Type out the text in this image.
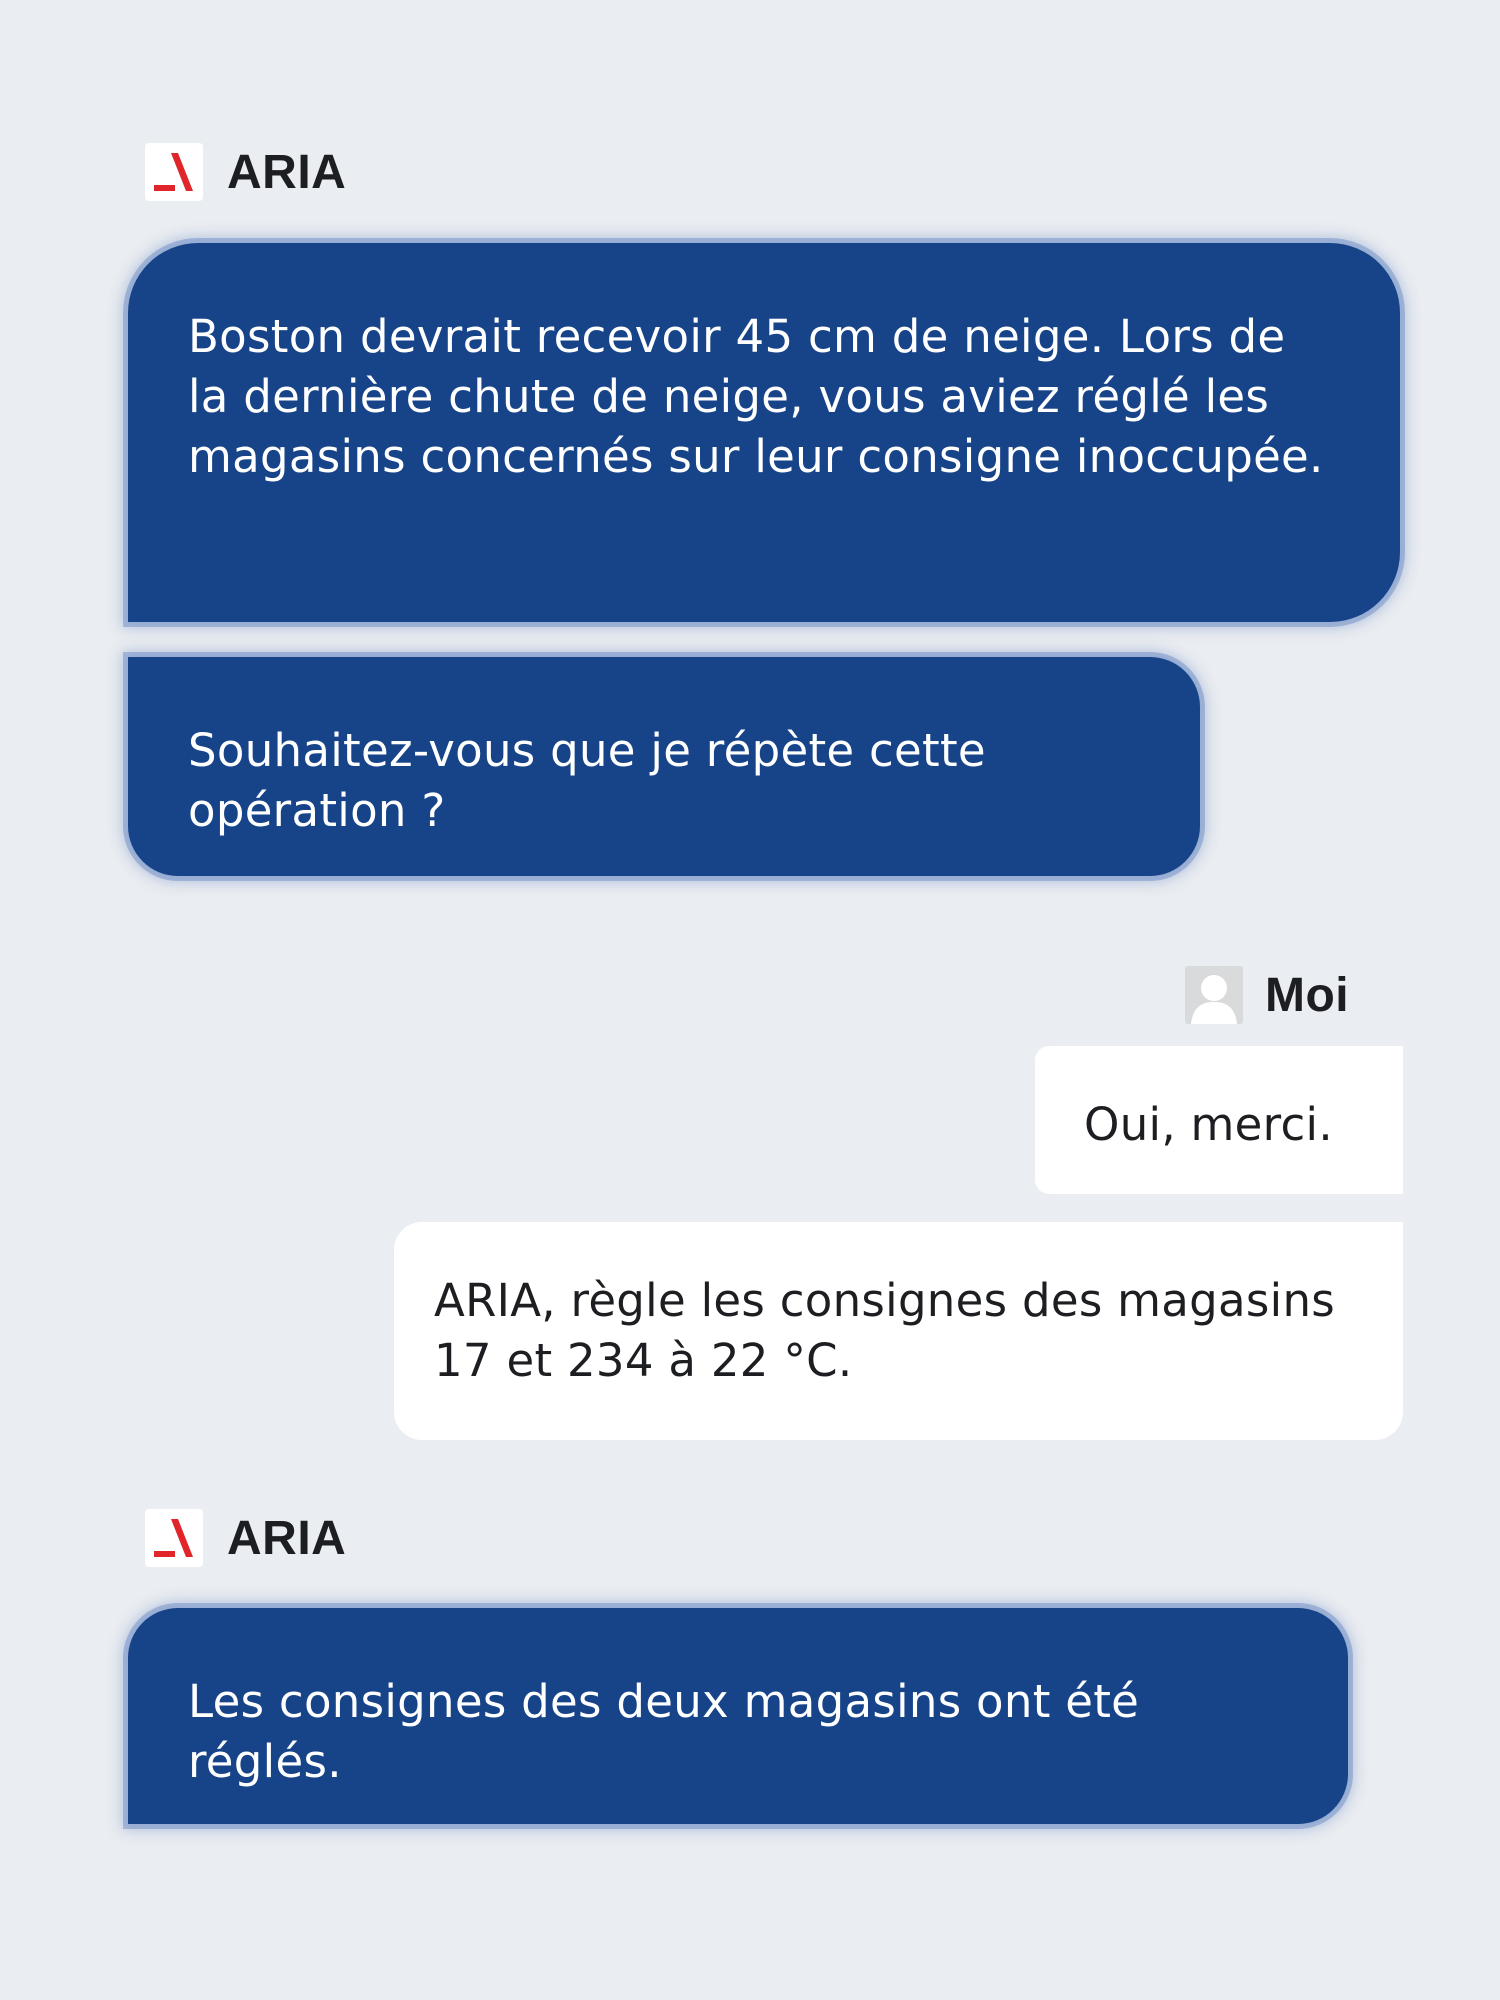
ARIA
Boston devrait recevoir 45 cm de neige. Lors de la dernière chute de neige, vous aviez réglé les magasins concernés sur leur consigne inoccupée.
Souhaitez-vous que je répète cette opération ?
Moi
Oui, merci.
ARIA, règle les consignes des magasins 17 et 234 à 22 °C.
ARIA
Les consignes des deux magasins ont été réglés.
